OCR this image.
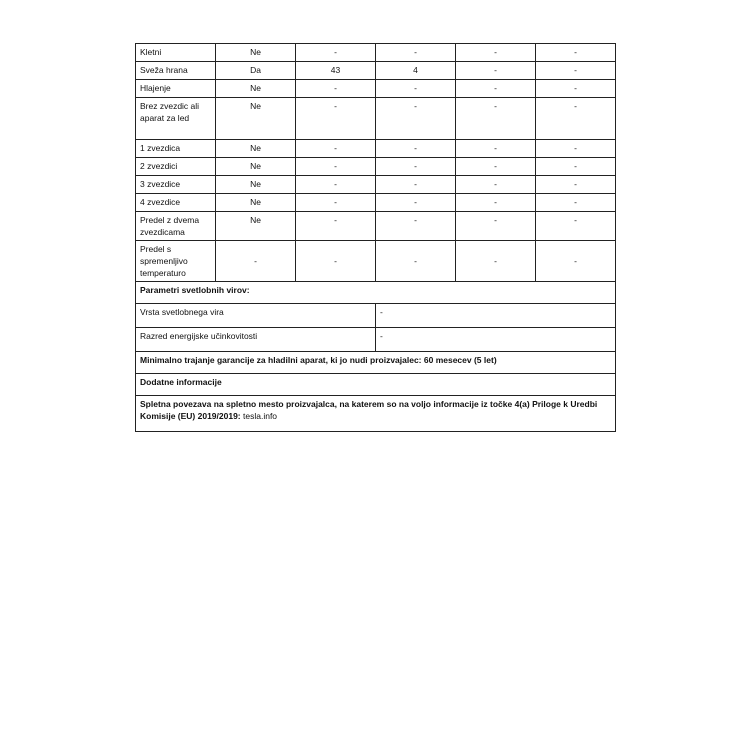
Kletni	Ne	-	-	-	-
Sveža hrana	Da	43	4	-	-
Hlajenje	Ne	-	-	-	-
Brez zvezdic ali aparat za led	Ne	-	-	-	-
1 zvezdica	Ne	-	-	-	-
2 zvezdici	Ne	-	-	-	-
3 zvezdice	Ne	-	-	-	-
4 zvezdice	Ne	-	-	-	-
Predel z dvema zvezdicama	Ne	-	-	-	-
Predel s spremenljivo temperaturo	-	-	-	-	-
Parametri svetlobnih virov:					
Vrsta svetlobnega vira			-		
Razred energijske učinkovitosti			-		
Minimalno trajanje garancije za hladilni aparat, ki jo nudi proizvajalec: 60 mesecev (5 let)					
Dodatne informacije					
Spletna povezava na spletno mesto proizvajalca, na katerem so na voljo informacije iz točke 4(a) Priloge k Uredbi Komisije (EU) 2019/2019: tesla.info					
